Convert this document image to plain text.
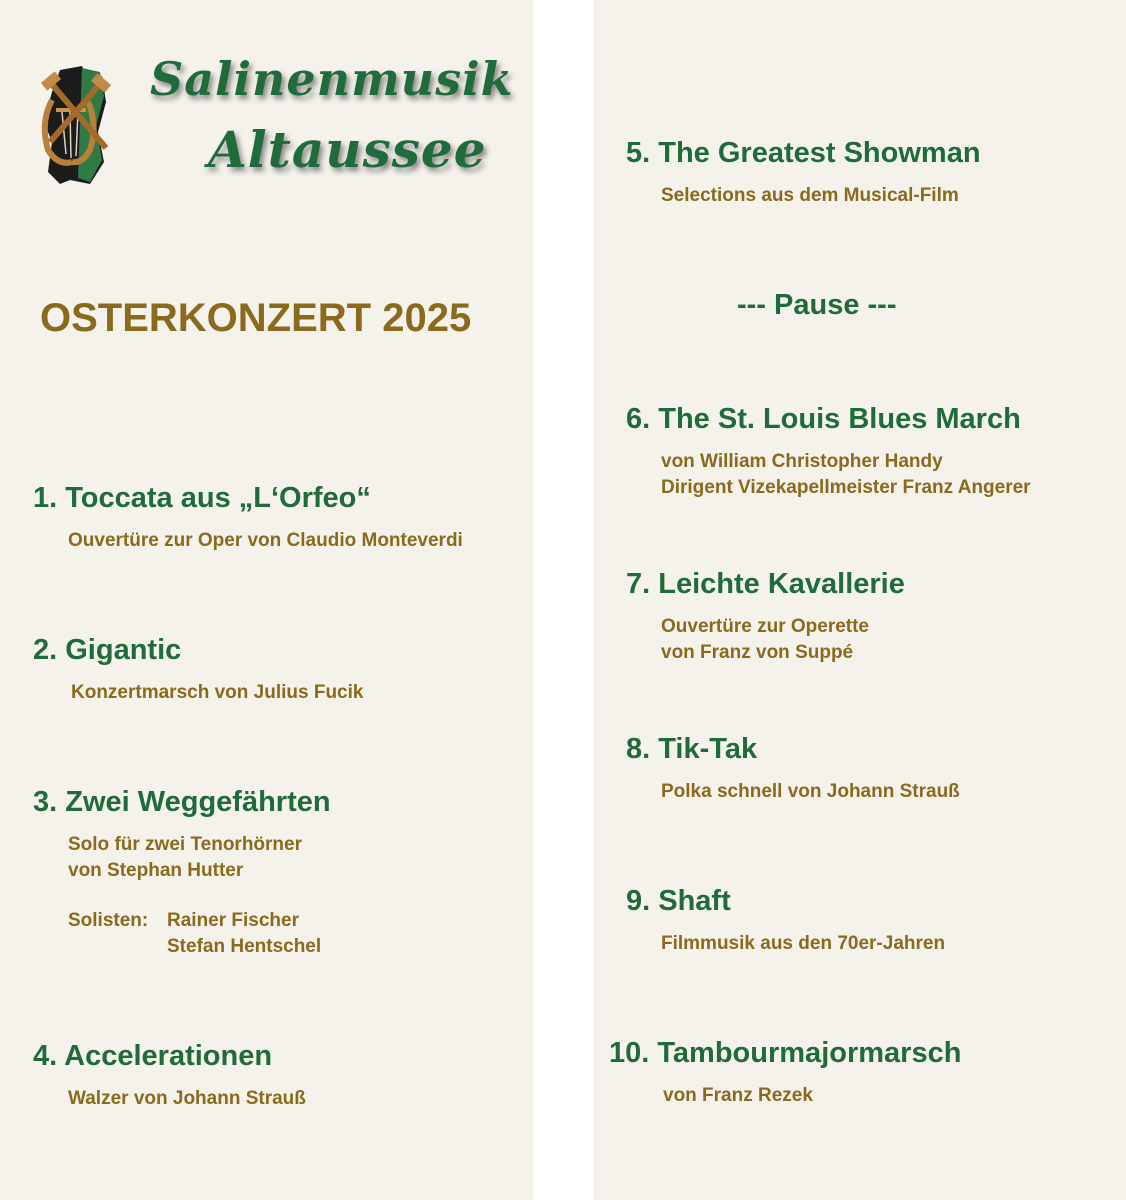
Salinenmusik
Altaussee
OSTERKONZERT 2025
1. Toccata aus „L‘Orfeo“
Ouvertüre zur Oper von Claudio Monteverdi
2. Gigantic
Konzertmarsch von Julius Fucik
3. Zwei Weggefährten
Solo für zwei Tenorhörner
von Stephan Hutter
Solisten: Rainer Fischer
Stefan Hentschel
4. Accelerationen
Walzer von Johann Strauß
5. The Greatest Showman
Selections aus dem Musical-Film
--- Pause ---
6. The St. Louis Blues March
von William Christopher Handy
Dirigent Vizekapellmeister Franz Angerer
7. Leichte Kavallerie
Ouvertüre zur Operette
von Franz von Suppé
8. Tik-Tak
Polka schnell von Johann Strauß
9. Shaft
Filmmusik aus den 70er-Jahren
10. Tambourmajormarsch
von Franz Rezek
